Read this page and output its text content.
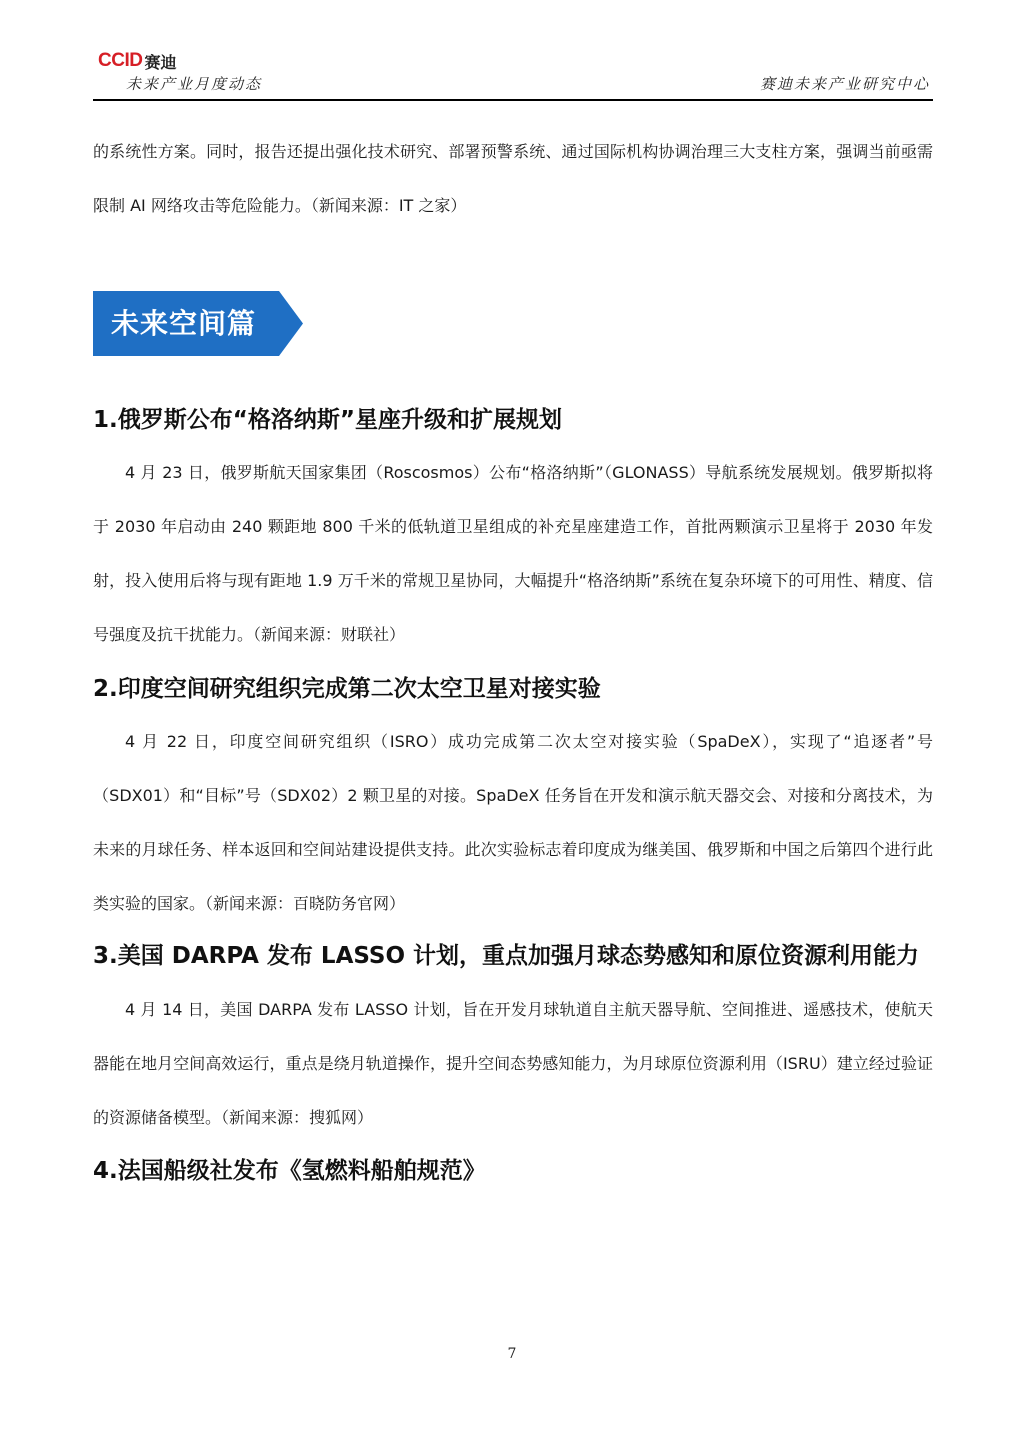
CCID 赛迪
未来产业月度动态	赛迪未来产业研究中心

的系统性方案。同时，报告还提出强化技术研究、部署预警系统、通过国际机构协调治理三大支柱方案，强调当前亟需限制 AI 网络攻击等危险能力。（新闻来源：IT 之家）

未来空间篇
1.俄罗斯公布“格洛纳斯”星座升级和扩展规划

4 月 23 日，俄罗斯航天国家集团（Roscosmos）公布“格洛纳斯”（GLONASS）导航系统发展规划。俄罗斯拟将于 2030 年启动由 240 颗距地 800 千米的低轨道卫星组成的补充星座建造工作，首批两颗演示卫星将于 2030 年发射，投入使用后将与现有距地 1.9 万千米的常规卫星协同，大幅提升“格洛纳斯”系统在复杂环境下的可用性、精度、信号强度及抗干扰能力。（新闻来源：财联社）

2.印度空间研究组织完成第二次太空卫星对接实验

4 月 22 日，印度空间研究组织（ISRO）成功完成第二次太空对接实验（SpaDeX），实现了“追逐者”号（SDX01）和“目标”号（SDX02）2 颗卫星的对接。SpaDeX 任务旨在开发和演示航天器交会、对接和分离技术，为未来的月球任务、样本返回和空间站建设提供支持。此次实验标志着印度成为继美国、俄罗斯和中国之后第四个进行此类实验的国家。（新闻来源：百晓防务官网）

3.美国 DARPA 发布 LASSO 计划，重点加强月球态势感知和原位资源利用能力

4 月 14 日，美国 DARPA 发布 LASSO 计划，旨在开发月球轨道自主航天器导航、空间推进、遥感技术，使航天器能在地月空间高效运行，重点是绕月轨道操作，提升空间态势感知能力，为月球原位资源利用（ISRU）建立经过验证的资源储备模型。（新闻来源：搜狐网）

4.法国船级社发布《氢燃料船舶规范》
7
